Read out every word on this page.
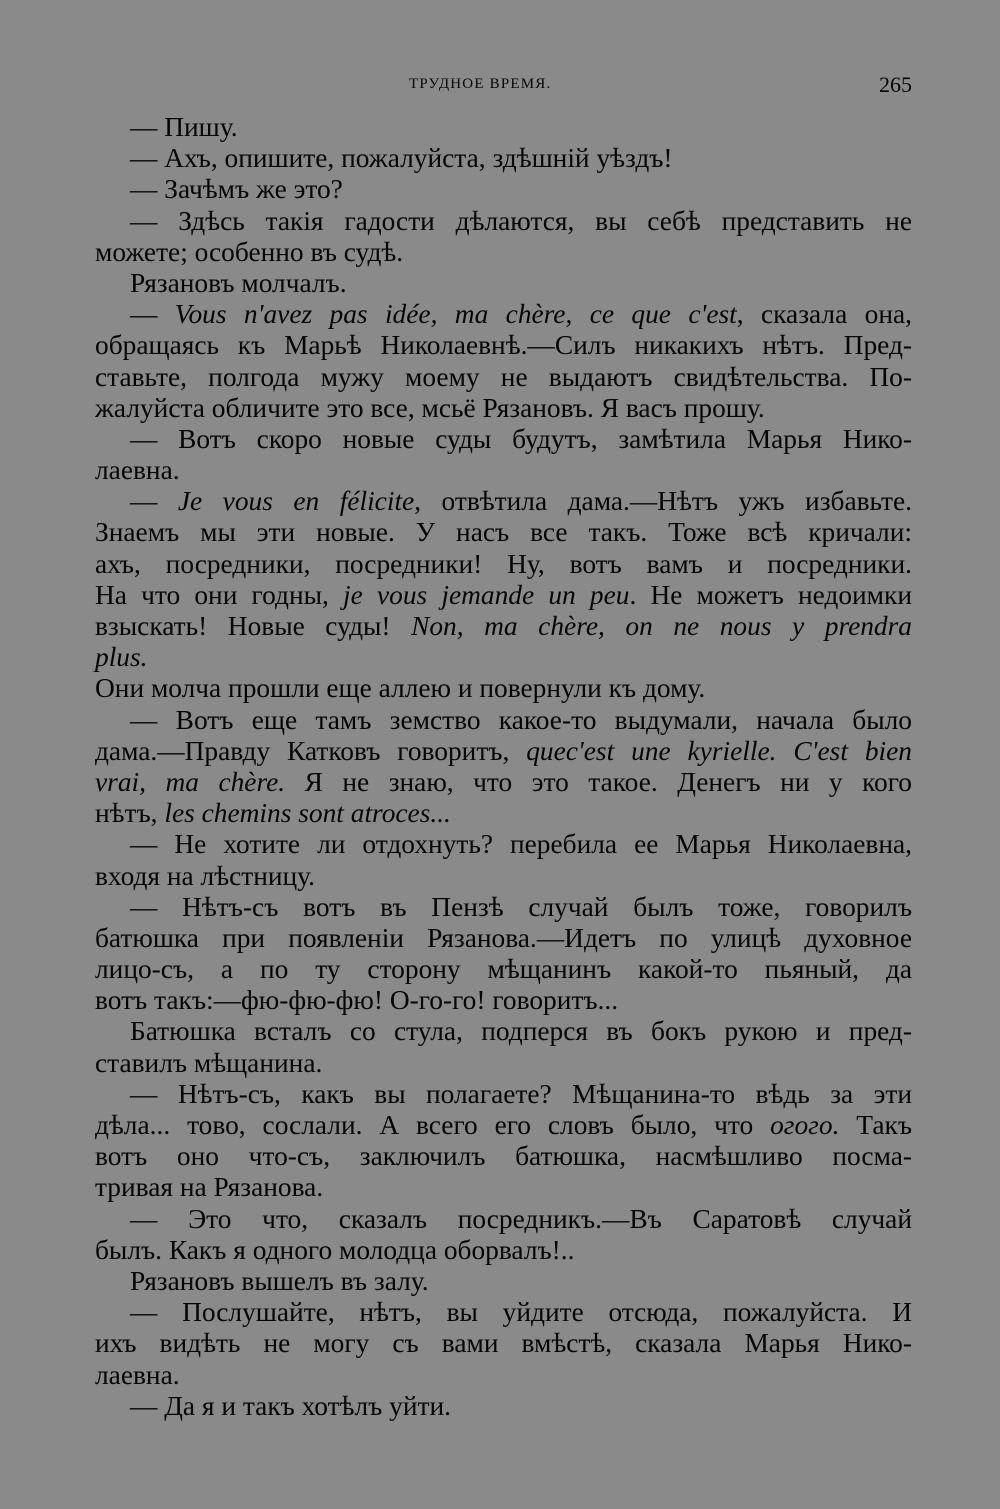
ТРУДНОЕ ВРЕМЯ.	265
— Пишу.
— Ахъ, опишите, пожалуйста, здѣшній уѣздъ!
— Зачѣмъ же это?
— Здѣсь такія гадости дѣлаются, вы себѣ представить не
можете; особенно въ судѣ.
Рязановъ молчалъ.
— Vous n'avez pas idée, ma chère, ce que c'est, сказала она,
обращаясь къ Марьѣ Николаевнѣ.—Силъ никакихъ нѣтъ. Пред-
ставьте, полгода мужу моему не выдаютъ свидѣтельства. По-
жалуйста обличите это все, мсьё Рязановъ. Я васъ прошу.
— Вотъ скоро новые суды будутъ, замѣтила Марья Нико-
лаевна.
— Je vous en félicite, отвѣтила дама.—Нѣтъ ужъ избавьте.
Знаемъ мы эти новые. У насъ все такъ. Тоже всѣ кричали:
ахъ, посредники, посредники! Ну, вотъ вамъ и посредники.
На что они годны, je vous jemande un peu. Не можетъ недоимки
взыскать! Новые суды! Non, ma chère, on ne nous y prendra
plus.
Они молча прошли еще аллею и повернули къ дому.
— Вотъ еще тамъ земство какое-то выдумали, начала было
дама.—Правду Катковъ говоритъ, quec'est une kyrielle. C'est bien
vrai, ma chère. Я не знаю, что это такое. Денегъ ни у кого
нѣтъ, les chemins sont atroces...
— Не хотите ли отдохнуть? перебила ее Марья Николаевна,
входя на лѣстницу.
— Нѣтъ-съ вотъ въ Пензѣ случай былъ тоже, говорилъ
батюшка при появленіи Рязанова.—Идетъ по улицѣ духовное
лицо-съ, а по ту сторону мѣщанинъ какой-то пьяный, да
вотъ такъ:—фю-фю-фю! О-го-го! говоритъ...
Батюшка всталъ со стула, подперся въ бокъ рукою и пред-
ставилъ мѣщанина.
— Нѣтъ-съ, какъ вы полагаете? Мѣщанина-то вѣдь за эти
дѣла... тово, сослали. А всего его словъ было, что огого. Такъ
вотъ оно что-съ, заключилъ батюшка, насмѣшливо посма-
тривая на Рязанова.
— Это что, сказалъ посредникъ.—Въ Саратовѣ случай
былъ. Какъ я одного молодца оборвалъ!..
Рязановъ вышелъ въ залу.
— Послушайте, нѣтъ, вы уйдите отсюда, пожалуйста. И
ихъ видѣть не могу съ вами вмѣстѣ, сказала Марья Нико-
лаевна.
— Да я и такъ хотѣлъ уйти.
